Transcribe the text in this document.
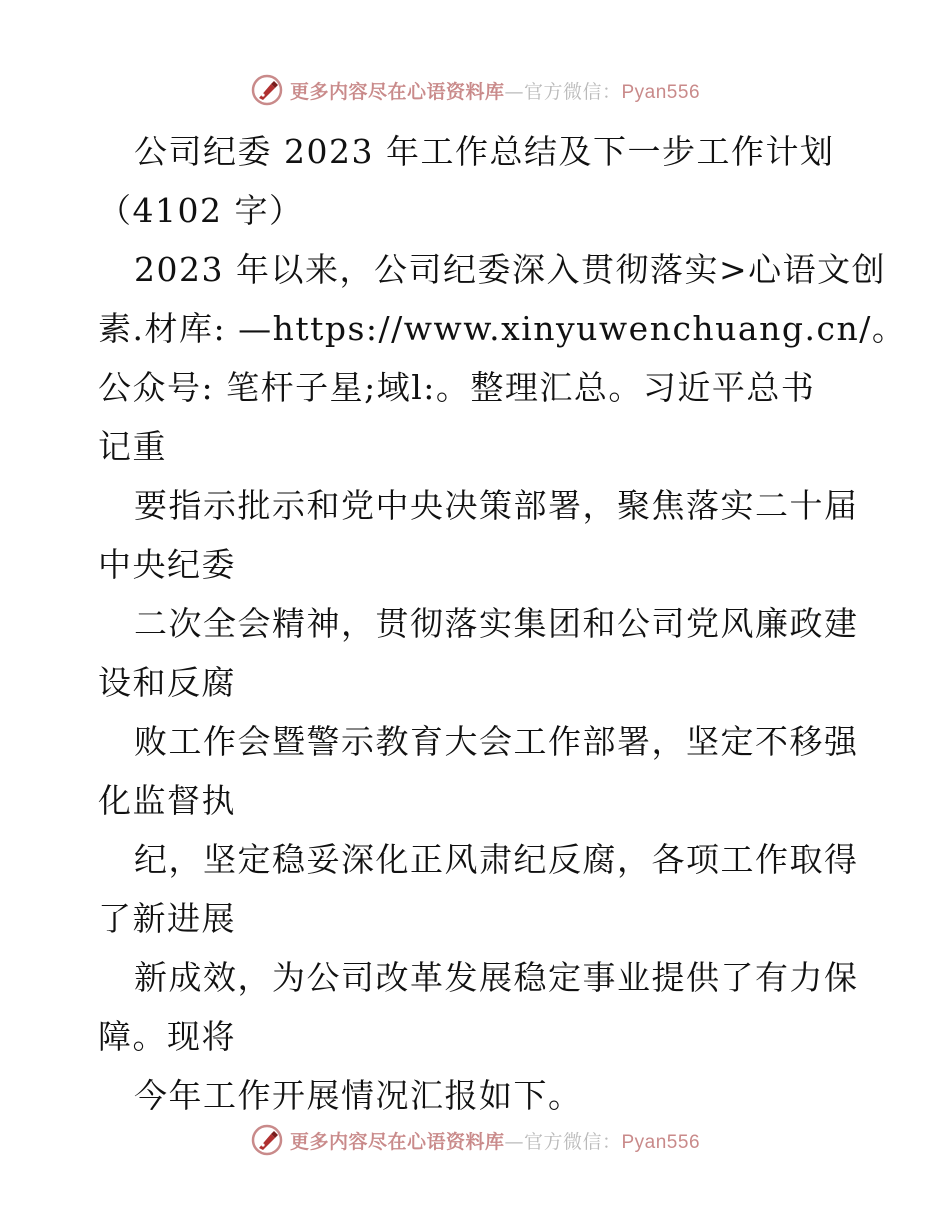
更多内容尽在心语资料库—官方微信：Pyan556
公司纪委 2023 年工作总结及下一步工作计划
（4102 字）
2023 年以来，公司纪委深入贯彻落实>心语文创
素.材库: —https://www.xinyuwenchuang.cn/。
公众号: 笔杆子星;域l:。整理汇总。习近平总书
记重
要指示批示和党中央决策部署，聚焦落实二十届
中央纪委
二次全会精神，贯彻落实集团和公司党风廉政建
设和反腐
败工作会暨警示教育大会工作部署，坚定不移强
化监督执
纪，坚定稳妥深化正风肃纪反腐，各项工作取得
了新进展
新成效，为公司改革发展稳定事业提供了有力保
障。现将
今年工作开展情况汇报如下。
更多内容尽在心语资料库—官方微信：Pyan556
